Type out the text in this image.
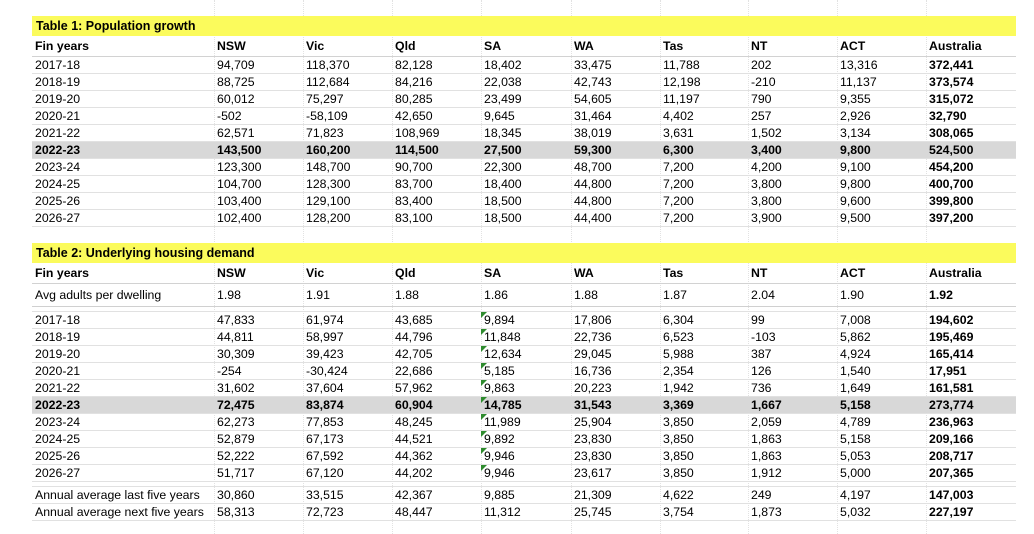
Table 1: Population growth
Fin years	NSW	Vic	Qld	SA	WA	Tas	NT	ACT	Australia
2017-18	94,709	118,370	82,128	18,402	33,475	11,788	202	13,316	372,441
2018-19	88,725	112,684	84,216	22,038	42,743	12,198	-210	11,137	373,574
2019-20	60,012	75,297	80,285	23,499	54,605	11,197	790	9,355	315,072
2020-21	-502	-58,109	42,650	9,645	31,464	4,402	257	2,926	32,790
2021-22	62,571	71,823	108,969	18,345	38,019	3,631	1,502	3,134	308,065
2022-23	143,500	160,200	114,500	27,500	59,300	6,300	3,400	9,800	524,500
2023-24	123,300	148,700	90,700	22,300	48,700	7,200	4,200	9,100	454,200
2024-25	104,700	128,300	83,700	18,400	44,800	7,200	3,800	9,800	400,700
2025-26	103,400	129,100	83,400	18,500	44,800	7,200	3,800	9,600	399,800
2026-27	102,400	128,200	83,100	18,500	44,400	7,200	3,900	9,500	397,200
Table 2: Underlying housing demand
Fin years	NSW	Vic	Qld	SA	WA	Tas	NT	ACT	Australia
Avg adults per dwelling	1.98	1.91	1.88	1.86	1.88	1.87	2.04	1.90	1.92

2017-18	47,833	61,974	43,685	9,894	17,806	6,304	99	7,008	194,602
2018-19	44,811	58,997	44,796	11,848	22,736	6,523	-103	5,862	195,469
2019-20	30,309	39,423	42,705	12,634	29,045	5,988	387	4,924	165,414
2020-21	-254	-30,424	22,686	5,185	16,736	2,354	126	1,540	17,951
2021-22	31,602	37,604	57,962	9,863	20,223	1,942	736	1,649	161,581
2022-23	72,475	83,874	60,904	14,785	31,543	3,369	1,667	5,158	273,774
2023-24	62,273	77,853	48,245	11,989	25,904	3,850	2,059	4,789	236,963
2024-25	52,879	67,173	44,521	9,892	23,830	3,850	1,863	5,158	209,166
2025-26	52,222	67,592	44,362	9,946	23,830	3,850	1,863	5,053	208,717
2026-27	51,717	67,120	44,202	9,946	23,617	3,850	1,912	5,000	207,365

Annual average last five years	30,860	33,515	42,367	9,885	21,309	4,622	249	4,197	147,003
Annual average next five years	58,313	72,723	48,447	11,312	25,745	3,754	1,873	5,032	227,197
